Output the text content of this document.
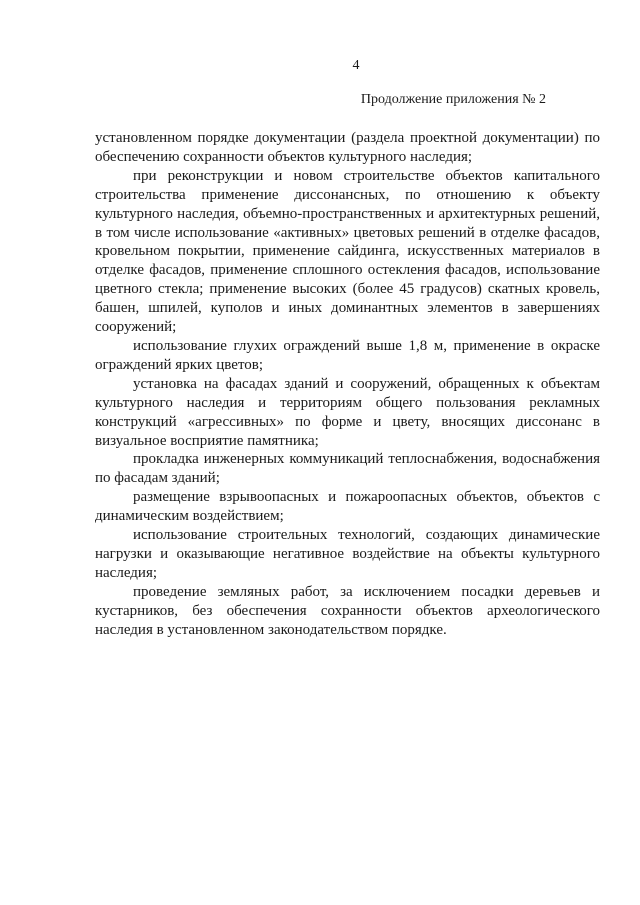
4
Продолжение приложения № 2

установленном порядке документации (раздела проектной документации) по обеспечению сохранности объектов культурного наследия;

при реконструкции и новом строительстве объектов капитального строительства применение диссонансных, по отношению к объекту культурного наследия, объемно-пространственных и архитектурных решений, в том числе использование «активных» цветовых решений в отделке фасадов, кровельном покрытии, применение сайдинга, искусственных материалов в отделке фасадов, применение сплошного остекления фасадов, использование цветного стекла; применение высоких (более 45 градусов) скатных кровель, башен, шпилей, куполов и иных доминантных элементов в завершениях сооружений;

использование глухих ограждений выше 1,8 м, применение в окраске ограждений ярких цветов;

установка на фасадах зданий и сооружений, обращенных к объектам культурного наследия и территориям общего пользования рекламных конструкций «агрессивных» по форме и цвету, вносящих диссонанс в визуальное восприятие памятника;

прокладка инженерных коммуникаций теплоснабжения, водоснабжения по фасадам зданий;

размещение взрывоопасных и пожароопасных объектов, объектов с динамическим воздействием;

использование строительных технологий, создающих динамические нагрузки и оказывающие негативное воздействие на объекты культурного наследия;

проведение земляных работ, за исключением посадки деревьев и кустарников, без обеспечения сохранности объектов археологического наследия в установленном законодательством порядке.
